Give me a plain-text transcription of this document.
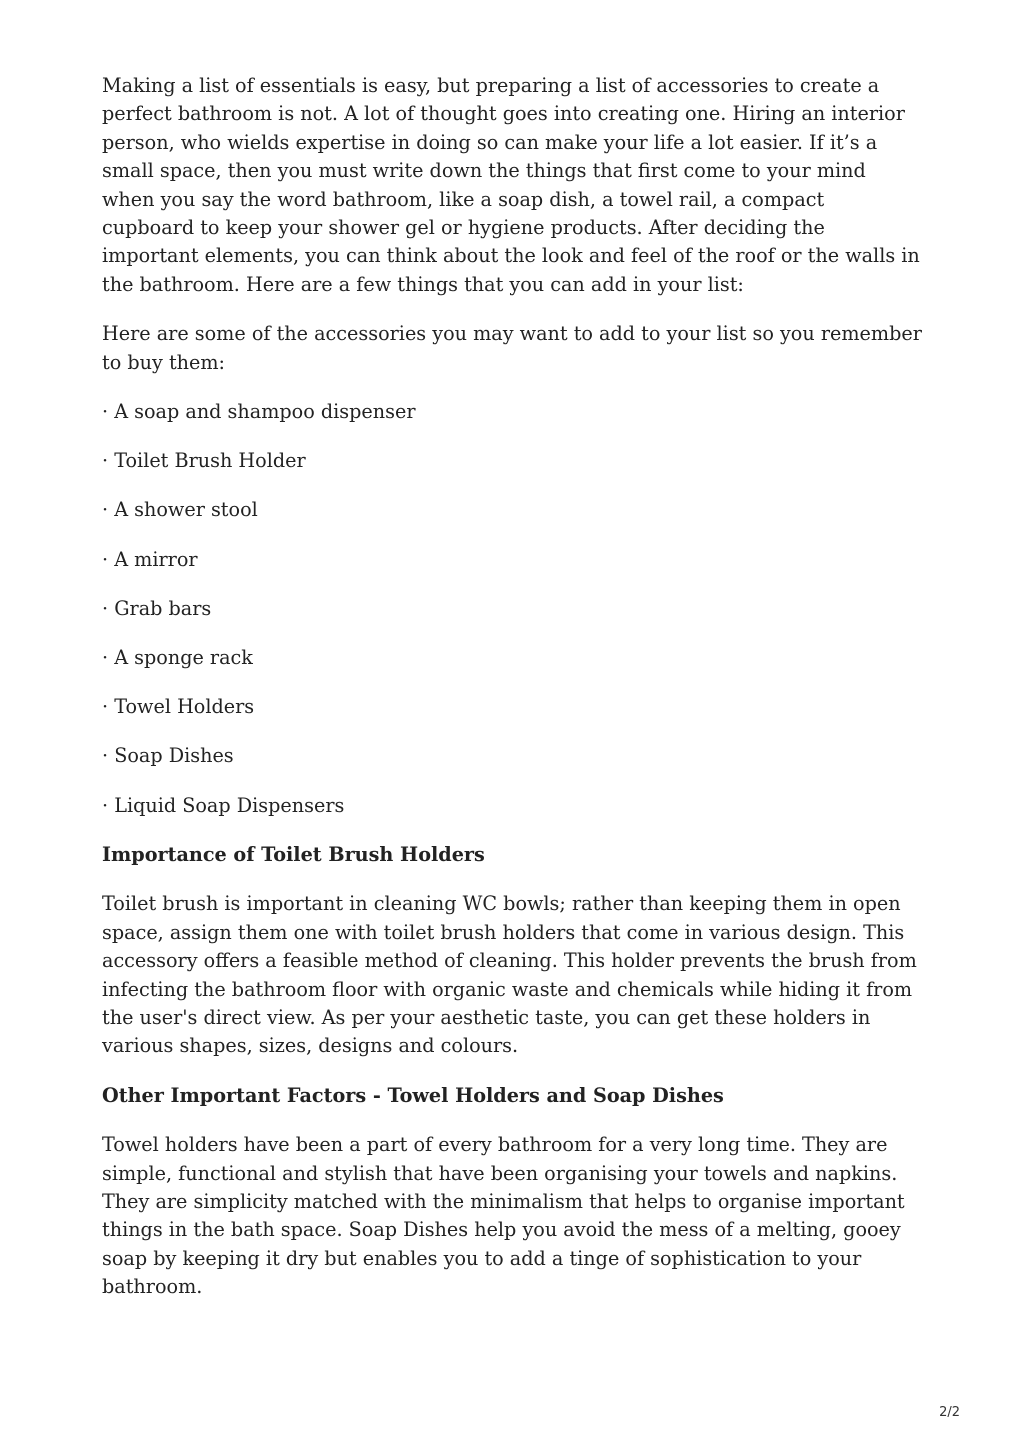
Making a list of essentials is easy, but preparing a list of accessories to create a perfect bathroom is not. A lot of thought goes into creating one. Hiring an interior person, who wields expertise in doing so can make your life a lot easier. If it’s a small space, then you must write down the things that first come to your mind when you say the word bathroom, like a soap dish, a towel rail, a compact cupboard to keep your shower gel or hygiene products. After deciding the important elements, you can think about the look and feel of the roof or the walls in the bathroom. Here are a few things that you can add in your list:

Here are some of the accessories you may want to add to your list so you remember to buy them:

· A soap and shampoo dispenser
· Toilet Brush Holder
· A shower stool
· A mirror
· Grab bars
· A sponge rack
· Towel Holders
· Soap Dishes
· Liquid Soap Dispensers
Importance of Toilet Brush Holders

Toilet brush is important in cleaning WC bowls; rather than keeping them in open space, assign them one with toilet brush holders that come in various design. This accessory offers a feasible method of cleaning. This holder prevents the brush from infecting the bathroom floor with organic waste and chemicals while hiding it from the user's direct view. As per your aesthetic taste, you can get these holders in various shapes, sizes, designs and colours.

Other Important Factors - Towel Holders and Soap Dishes

Towel holders have been a part of every bathroom for a very long time. They are simple, functional and stylish that have been organising your towels and napkins. They are simplicity matched with the minimalism that helps to organise important things in the bath space. Soap Dishes help you avoid the mess of a melting, gooey soap by keeping it dry but enables you to add a tinge of sophistication to your bathroom.

2/2
